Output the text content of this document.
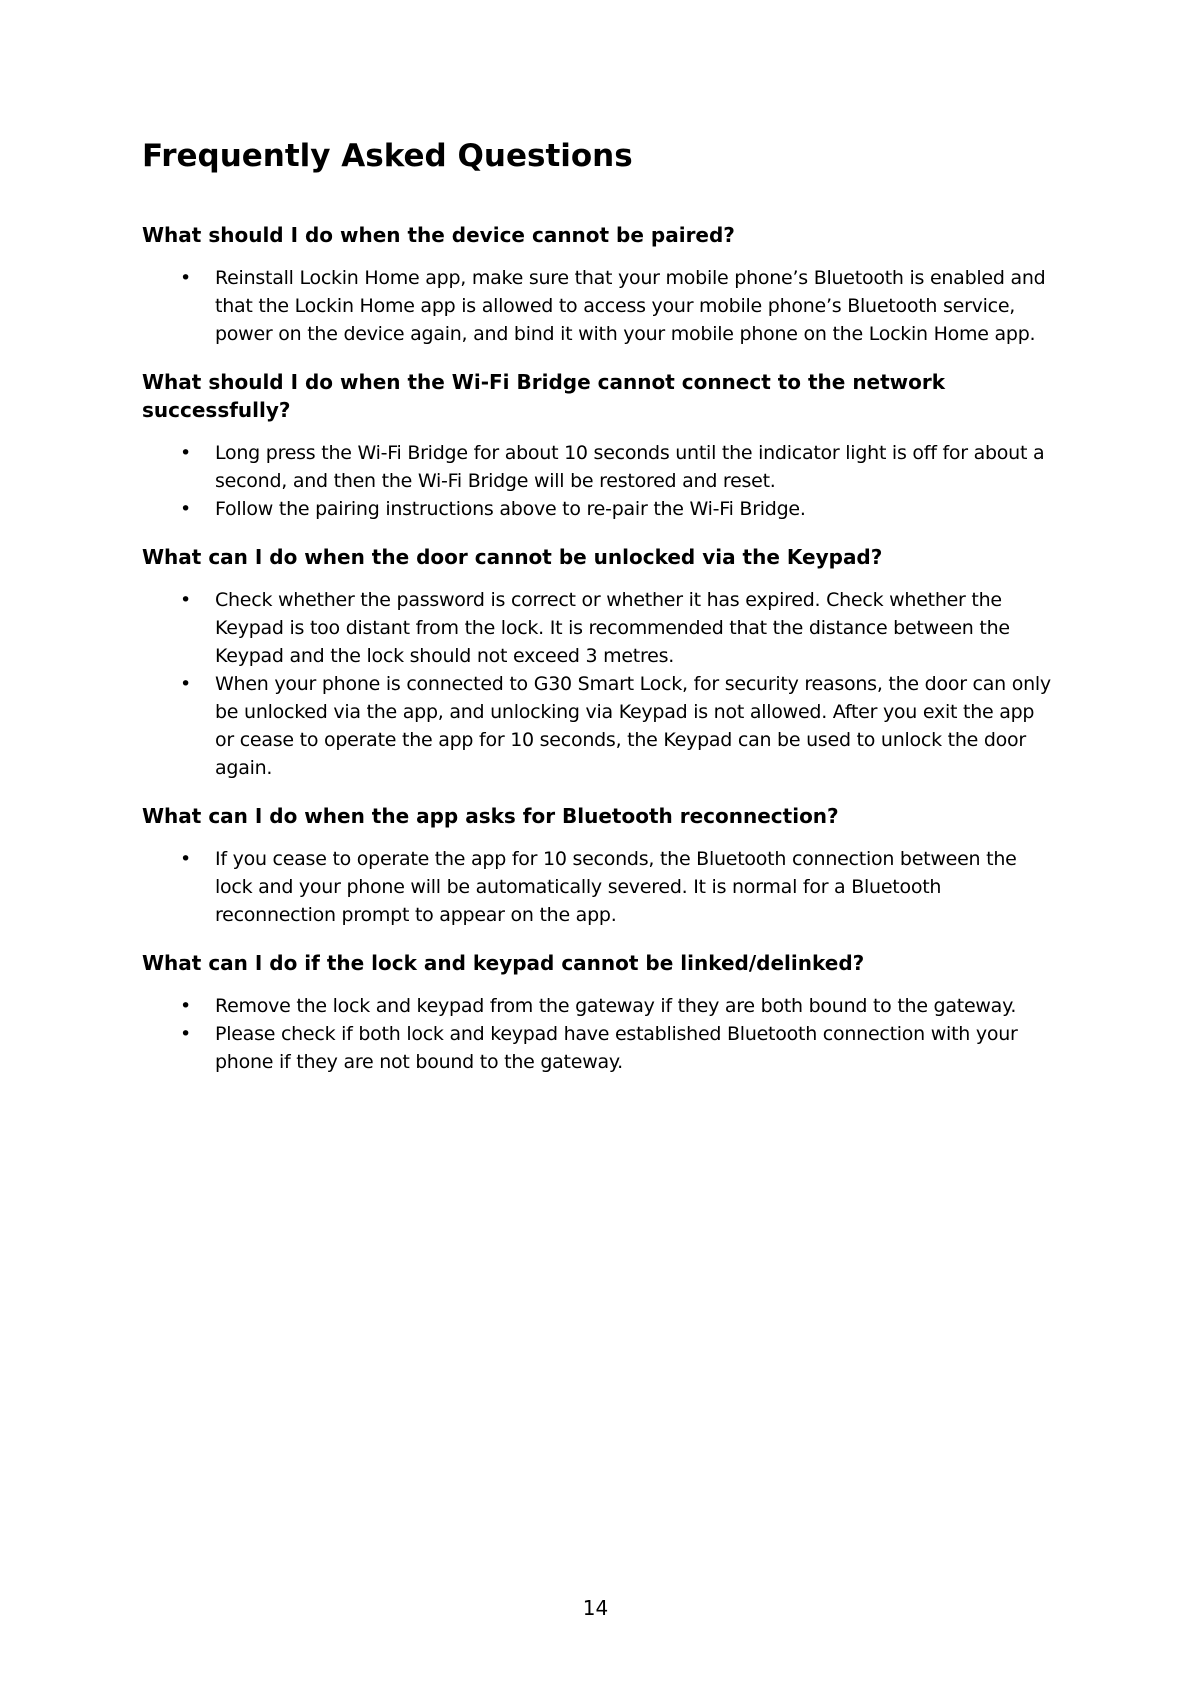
Frequently Asked Questions
What should I do when the device cannot be paired?
• Reinstall Lockin Home app, make sure that your mobile phone’s Bluetooth is enabled and that the Lockin Home app is allowed to access your mobile phone’s Bluetooth service, power on the device again, and bind it with your mobile phone on the Lockin Home app.
What should I do when the Wi-Fi Bridge cannot connect to the network successfully?
• Long press the Wi-Fi Bridge for about 10 seconds until the indicator light is off for about a second, and then the Wi-Fi Bridge will be restored and reset.
• Follow the pairing instructions above to re-pair the Wi-Fi Bridge.
What can I do when the door cannot be unlocked via the Keypad?
• Check whether the password is correct or whether it has expired. Check whether the Keypad is too distant from the lock. It is recommended that the distance between the Keypad and the lock should not exceed 3 metres.
• When your phone is connected to G30 Smart Lock, for security reasons, the door can only be unlocked via the app, and unlocking via Keypad is not allowed. After you exit the app or cease to operate the app for 10 seconds, the Keypad can be used to unlock the door again.
What can I do when the app asks for Bluetooth reconnection?
• If you cease to operate the app for 10 seconds, the Bluetooth connection between the lock and your phone will be automatically severed. It is normal for a Bluetooth reconnection prompt to appear on the app.
What can I do if the lock and keypad cannot be linked/delinked?
• Remove the lock and keypad from the gateway if they are both bound to the gateway.
• Please check if both lock and keypad have established Bluetooth connection with your phone if they are not bound to the gateway.
14
